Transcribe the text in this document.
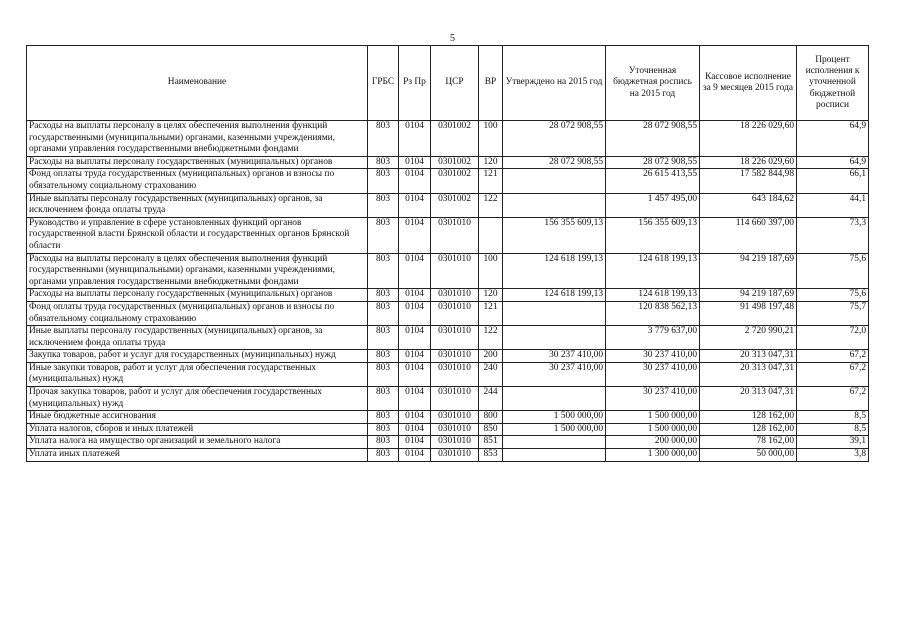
5
Наименование	ГРБС	Рз Пр	ЦСР	ВР	Утверждено на 2015 год	Уточненная бюджетная роспись на 2015 год	Кассовое исполнение за 9 месяцев 2015 года	Процент исполнения к уточненной бюджетной росписи
Расходы на выплаты персоналу в целях обеспечения выполнения функций государственными (муниципальными) органами, казенными учреждениями, органами управления государственными внебюджетными фондами	803	0104	0301002	100	28 072 908,55	28 072 908,55	18 226 029,60	64,9
Расходы на выплаты персоналу государственных (муниципальных) органов	803	0104	0301002	120	28 072 908,55	28 072 908,55	18 226 029,60	64,9
Фонд оплаты труда государственных (муниципальных) органов и взносы по обязательному социальному страхованию	803	0104	0301002	121		26 615 413,55	17 582 844,98	66,1
Иные выплаты персоналу государственных (муниципальных) органов, за исключением фонда оплаты труда	803	0104	0301002	122		1 457 495,00	643 184,62	44,1
Руководство и управление в сфере установленных функций органов государственной власти Брянской области и государственных органов Брянской области	803	0104	0301010		156 355 609,13	156 355 609,13	114 660 397,00	73,3
Расходы на выплаты персоналу в целях обеспечения выполнения функций государственными (муниципальными) органами, казенными учреждениями, органами управления государственными внебюджетными фондами	803	0104	0301010	100	124 618 199,13	124 618 199,13	94 219 187,69	75,6
Расходы на выплаты персоналу государственных (муниципальных) органов	803	0104	0301010	120	124 618 199,13	124 618 199,13	94 219 187,69	75,6
Фонд оплаты труда государственных (муниципальных) органов и взносы по обязательному социальному страхованию	803	0104	0301010	121		120 838 562,13	91 498 197,48	75,7
Иные выплаты персоналу государственных (муниципальных) органов, за исключением фонда оплаты труда	803	0104	0301010	122		3 779 637,00	2 720 990,21	72,0
Закупка товаров, работ и услуг для государственных (муниципальных) нужд	803	0104	0301010	200	30 237 410,00	30 237 410,00	20 313 047,31	67,2
Иные закупки товаров, работ и услуг для обеспечения государственных (муниципальных) нужд	803	0104	0301010	240	30 237 410,00	30 237 410,00	20 313 047,31	67,2
Прочая закупка товаров, работ и услуг для обеспечения государственных (муниципальных) нужд	803	0104	0301010	244		30 237 410,00	20 313 047,31	67,2
Иные бюджетные ассигнования	803	0104	0301010	800	1 500 000,00	1 500 000,00	128 162,00	8,5
Уплата налогов, сборов и иных платежей	803	0104	0301010	850	1 500 000,00	1 500 000,00	128 162,00	8,5
Уплата налога на имущество организаций и земельного налога	803	0104	0301010	851		200 000,00	78 162,00	39,1
Уплата иных платежей	803	0104	0301010	853		1 300 000,00	50 000,00	3,8
